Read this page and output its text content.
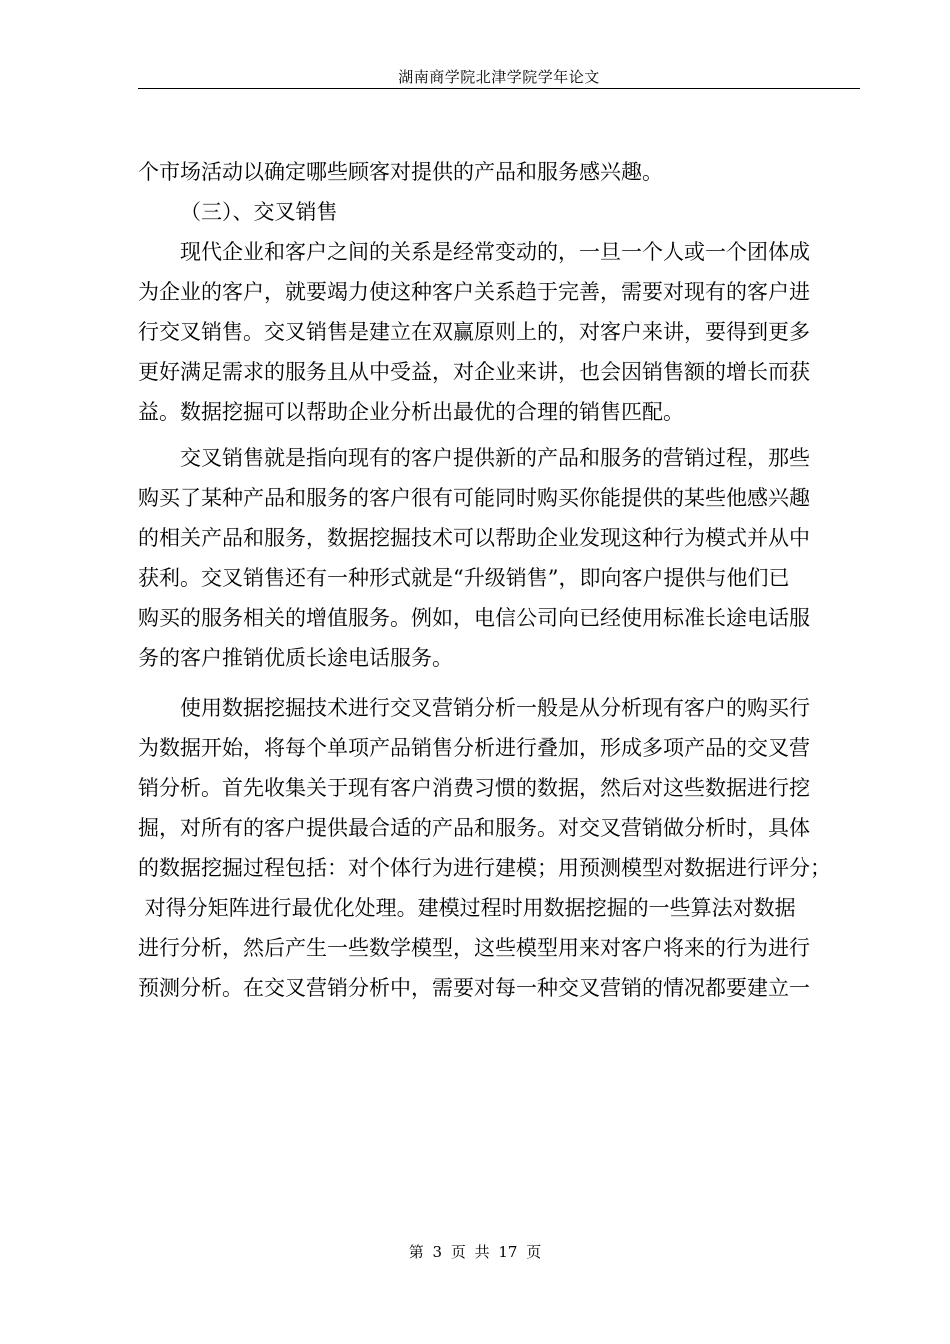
湖南商学院北津学院学年论文

个市场活动以确定哪些顾客对提供的产品和服务感兴趣。

（三）、交叉销售

现代企业和客户之间的关系是经常变动的，一旦一个人或一个团体成
为企业的客户，就要竭力使这种客户关系趋于完善，需要对现有的客户进
行交叉销售。交叉销售是建立在双赢原则上的，对客户来讲，要得到更多
更好满足需求的服务且从中受益，对企业来讲，也会因销售额的增长而获
益。数据挖掘可以帮助企业分析出最优的合理的销售匹配。

交叉销售就是指向现有的客户提供新的产品和服务的营销过程，那些
购买了某种产品和服务的客户很有可能同时购买你能提供的某些他感兴趣
的相关产品和服务，数据挖掘技术可以帮助企业发现这种行为模式并从中
获利。交叉销售还有一种形式就是“升级销售”，即向客户提供与他们已
购买的服务相关的增值服务。例如，电信公司向已经使用标准长途电话服
务的客户推销优质长途电话服务。

使用数据挖掘技术进行交叉营销分析一般是从分析现有客户的购买行
为数据开始，将每个单项产品销售分析进行叠加，形成多项产品的交叉营
销分析。首先收集关于现有客户消费习惯的数据，然后对这些数据进行挖
掘，对所有的客户提供最合适的产品和服务。对交叉营销做分析时，具体
的数据挖掘过程包括：对个体行为进行建模；用预测模型对数据进行评分；
对得分矩阵进行最优化处理。建模过程时用数据挖掘的一些算法对数据
进行分析，然后产生一些数学模型，这些模型用来对客户将来的行为进行
预测分析。在交叉营销分析中，需要对每一种交叉营销的情况都要建立一

第 3 页 共 17 页
